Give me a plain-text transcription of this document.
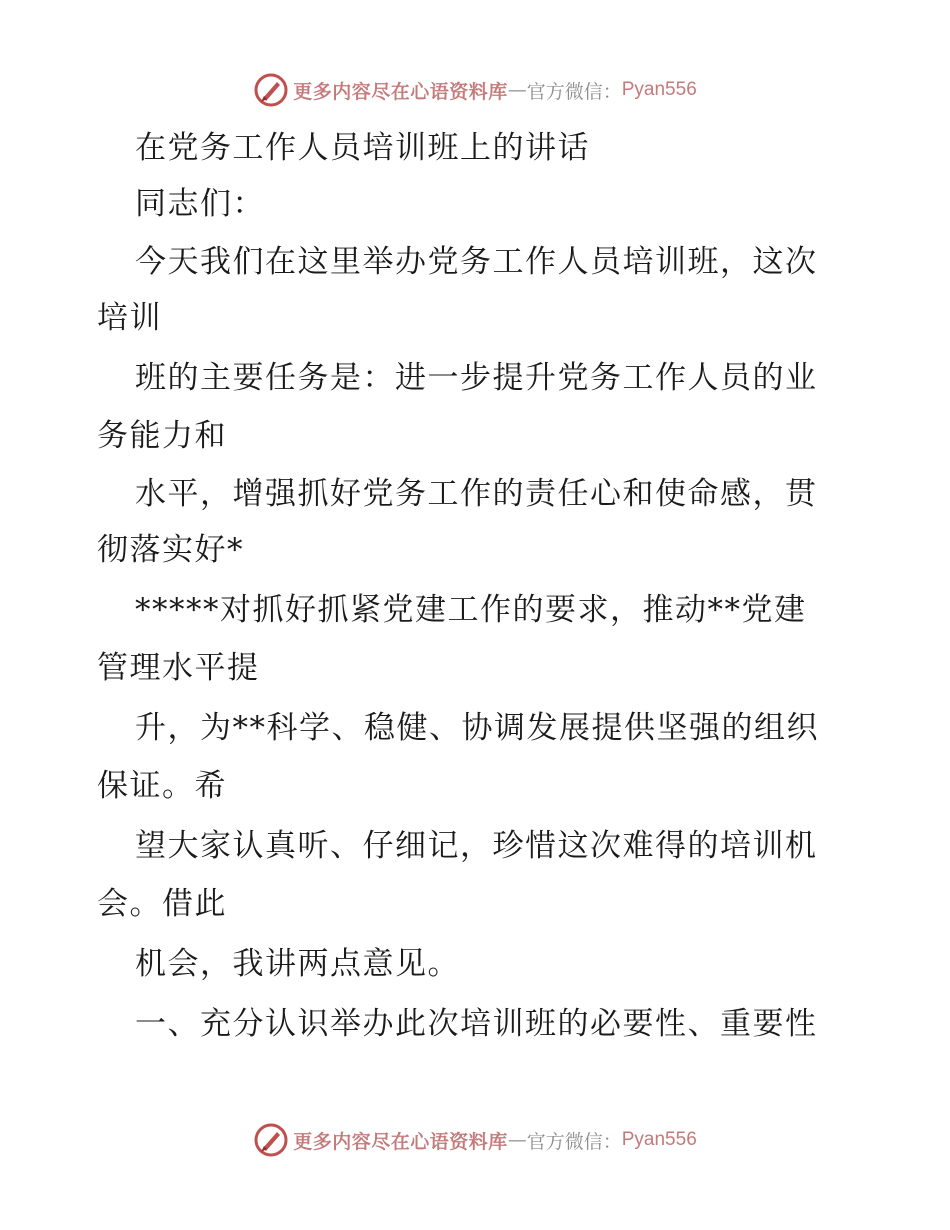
更多内容尽在心语资料库 — 官方微信： Pyan556
在党务工作人员培训班上的讲话
同志们：
今天我们在这里举办党务工作人员培训班，这次
培训
班的主要任务是：进一步提升党务工作人员的业
务能力和
水平，增强抓好党务工作的责任心和使命感，贯
彻落实好*
*****对抓好抓紧党建工作的要求，推动**党建
管理水平提
升，为**科学、稳健、协调发展提供坚强的组织
保证。希
望大家认真听、仔细记，珍惜这次难得的培训机
会。借此
机会，我讲两点意见。
一、充分认识举办此次培训班的必要性、重要性
更多内容尽在心语资料库 — 官方微信： Pyan556
